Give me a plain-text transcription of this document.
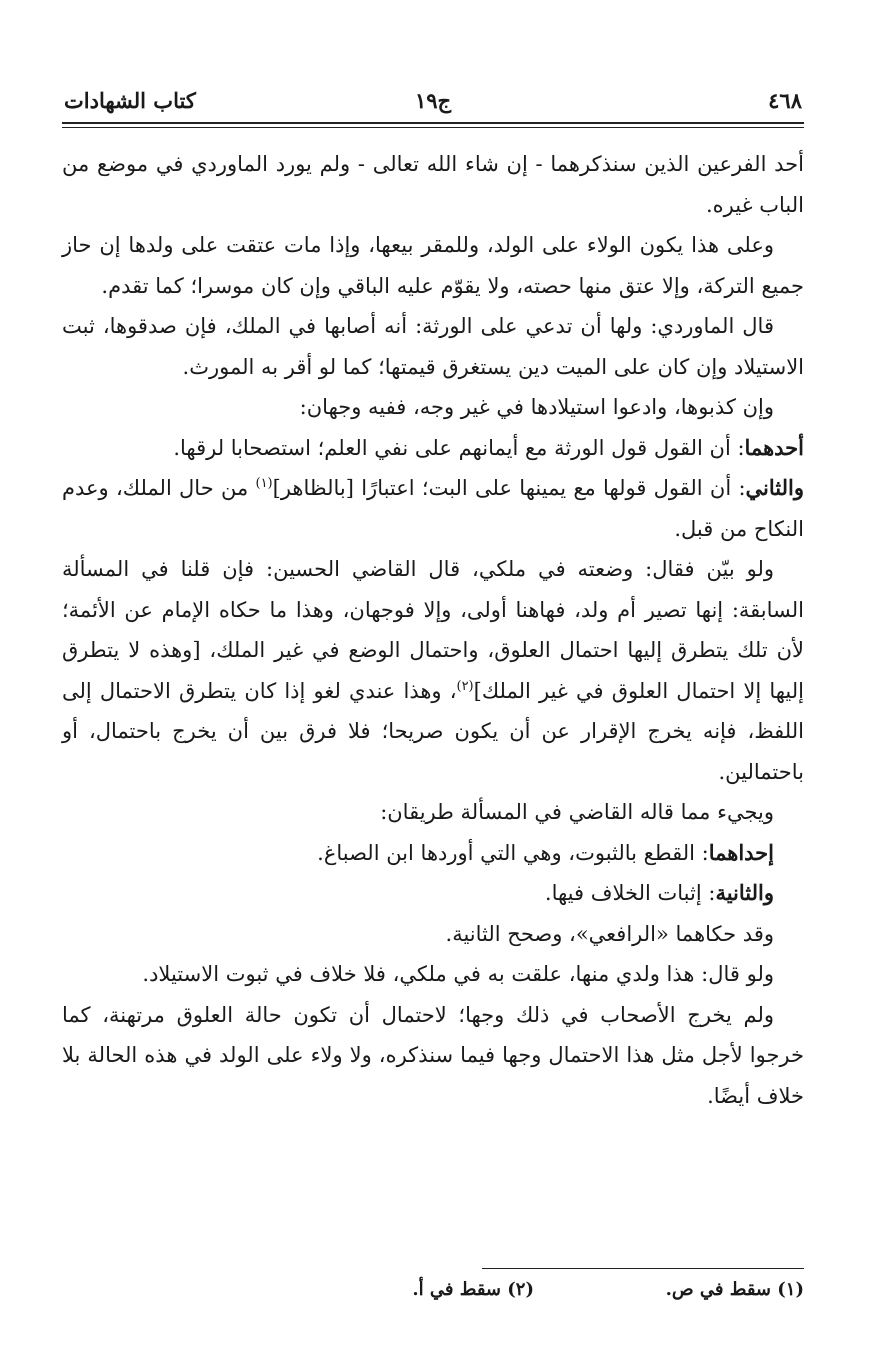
٤٦٨
ج١٩
كتاب الشهادات

أحد الفرعين الذين سنذكرهما - إن شاء الله تعالى - ولم يورد الماوردي في موضع من الباب غيره.

وعلى هذا يكون الولاء على الولد، وللمقر بيعها، وإذا مات عتقت على ولدها إن حاز جميع التركة، وإلا عتق منها حصته، ولا يقوّم عليه الباقي وإن كان موسرا؛ كما تقدم.

قال الماوردي: ولها أن تدعي على الورثة: أنه أصابها في الملك، فإن صدقوها، ثبت الاستيلاد وإن كان على الميت دين يستغرق قيمتها؛ كما لو أقر به المورث.

وإن كذبوها، وادعوا استيلادها في غير وجه، ففيه وجهان:

أحدهما: أن القول قول الورثة مع أيمانهم على نفي العلم؛ استصحابا لرقها.

والثاني: أن القول قولها مع يمينها على البت؛ اعتبارًا [بالظاهر]$^{(١)}$ من حال الملك، وعدم النكاح من قبل.

ولو بيّن فقال: وضعته في ملكي، قال القاضي الحسين: فإن قلنا في المسألة السابقة: إنها تصير أم ولد، فهاهنا أولى، وإلا فوجهان، وهذا ما حكاه الإمام عن الأئمة؛ لأن تلك يتطرق إليها احتمال العلوق، واحتمال الوضع في غير الملك، [وهذه لا يتطرق إليها إلا احتمال العلوق في غير الملك]$^{(٢)}$، وهذا عندي لغو إذا كان يتطرق الاحتمال إلى اللفظ، فإنه يخرج الإقرار عن أن يكون صريحا؛ فلا فرق بين أن يخرج باحتمال، أو باحتمالين.

ويجيء مما قاله القاضي في المسألة طريقان:

إحداهما: القطع بالثبوت، وهي التي أوردها ابن الصباغ.

والثانية: إثبات الخلاف فيها.

وقد حكاهما «الرافعي»، وصحح الثانية.

ولو قال: هذا ولدي منها، علقت به في ملكي، فلا خلاف في ثبوت الاستيلاد.

ولم يخرج الأصحاب في ذلك وجها؛ لاحتمال أن تكون حالة العلوق مرتهنة، كما خرجوا لأجل مثل هذا الاحتمال وجها فيما سنذكره، ولا ولاء على الولد في هذه الحالة بلا خلاف أيضًا.

(١) سقط في ص.
(٢) سقط في أ.
